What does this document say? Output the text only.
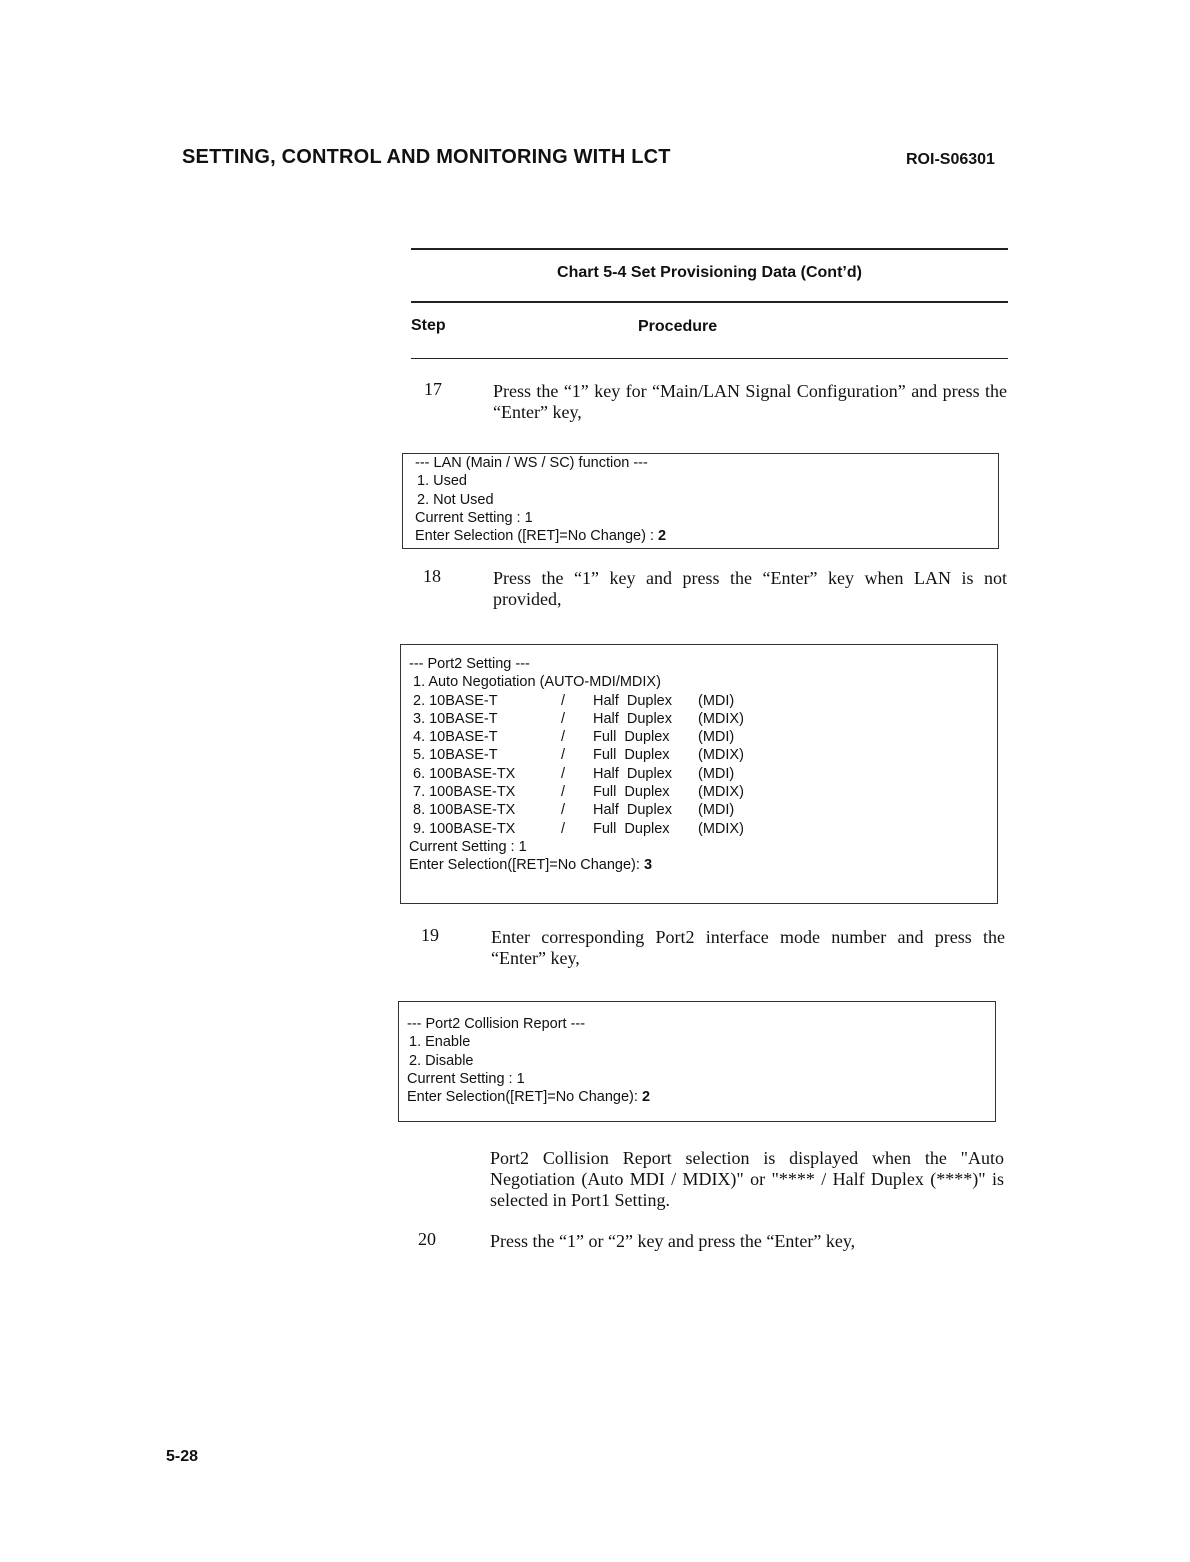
SETTING, CONTROL AND MONITORING WITH LCT	ROI-S06301
Chart 5-4 Set Provisioning Data (Cont’d)
Step	Procedure
17	Press the “1” key for “Main/LAN Signal Configuration” and press the “Enter” key,
--- LAN (Main / WS / SC) function ---
1. Used
2. Not Used
Current Setting : 1
Enter Selection ([RET]=No Change) : 2
18	Press the “1” key and press the “Enter” key when LAN is not provided,
--- Port2 Setting ---
1. Auto Negotiation (AUTO-MDI/MDIX)
2. 10BASE-T	/	Half  Duplex	(MDI)
3. 10BASE-T	/	Half  Duplex	(MDIX)
4. 10BASE-T	/	Full  Duplex	(MDI)
5. 10BASE-T	/	Full  Duplex	(MDIX)
6. 100BASE-TX	/	Half  Duplex	(MDI)
7. 100BASE-TX	/	Full  Duplex	(MDIX)
8. 100BASE-TX	/	Half  Duplex	(MDI)
9. 100BASE-TX	/	Full  Duplex	(MDIX)
Current Setting : 1
Enter Selection([RET]=No Change): 3
19	Enter corresponding Port2 interface mode number and press the “Enter” key,
--- Port2 Collision Report ---
1. Enable
2. Disable
Current Setting : 1
Enter Selection([RET]=No Change): 2
Port2 Collision Report selection is displayed when the "Auto Negotiation (Auto MDI / MDIX)" or "**** / Half Duplex (****)" is selected in Port1 Setting.
20	Press the “1” or “2” key and press the “Enter” key,
5-28
